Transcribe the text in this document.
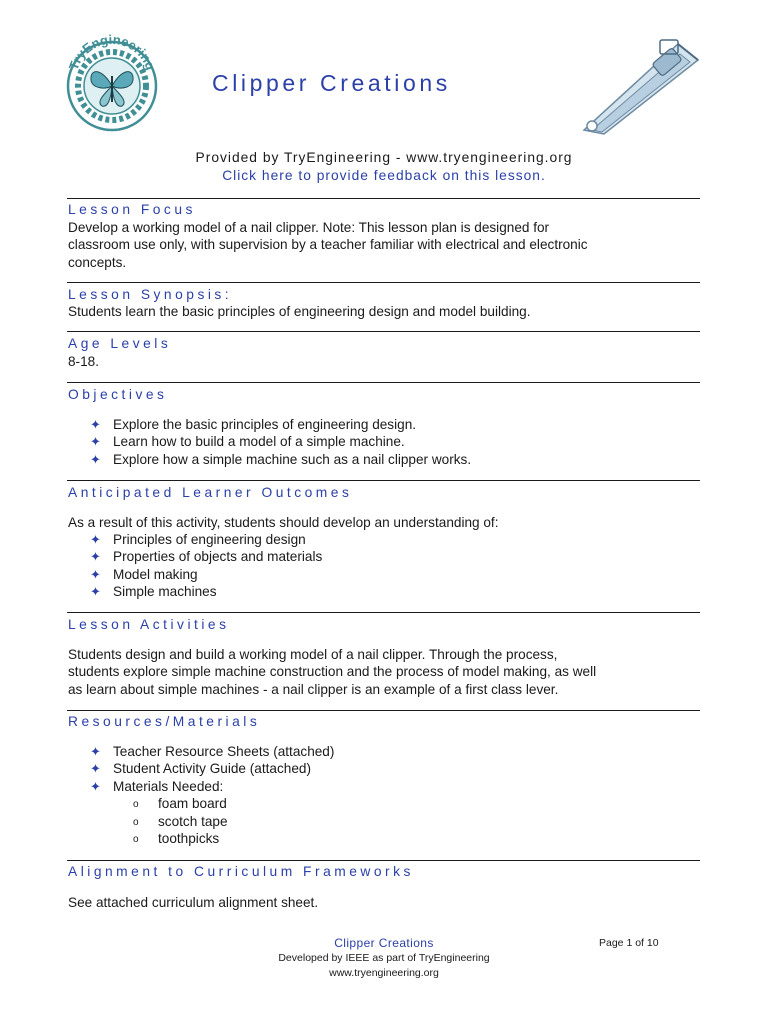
TryEngineering
Clipper Creations
Provided by TryEngineering - www.tryengineering.org
Click here to provide feedback on this lesson.
Lesson Focus
Develop a working model of a nail clipper. Note: This lesson plan is designed for
classroom use only, with supervision by a teacher familiar with electrical and electronic
concepts.
Lesson Synopsis:
Students learn the basic principles of engineering design and model building.
Age Levels
8-18.
Objectives
✦ Explore the basic principles of engineering design.
✦ Learn how to build a model of a simple machine.
✦ Explore how a simple machine such as a nail clipper works.
Anticipated Learner Outcomes
As a result of this activity, students should develop an understanding of:
✦ Principles of engineering design
✦ Properties of objects and materials
✦ Model making
✦ Simple machines
Lesson Activities
Students design and build a working model of a nail clipper. Through the process,
students explore simple machine construction and the process of model making, as well
as learn about simple machines - a nail clipper is an example of a first class lever.
Resources/Materials
✦ Teacher Resource Sheets (attached)
✦ Student Activity Guide (attached)
✦ Materials Needed:
o foam board
o scotch tape
o toothpicks
Alignment to Curriculum Frameworks
See attached curriculum alignment sheet.
Clipper Creations	Page 1 of 10
Developed by IEEE as part of TryEngineering
www.tryengineering.org
